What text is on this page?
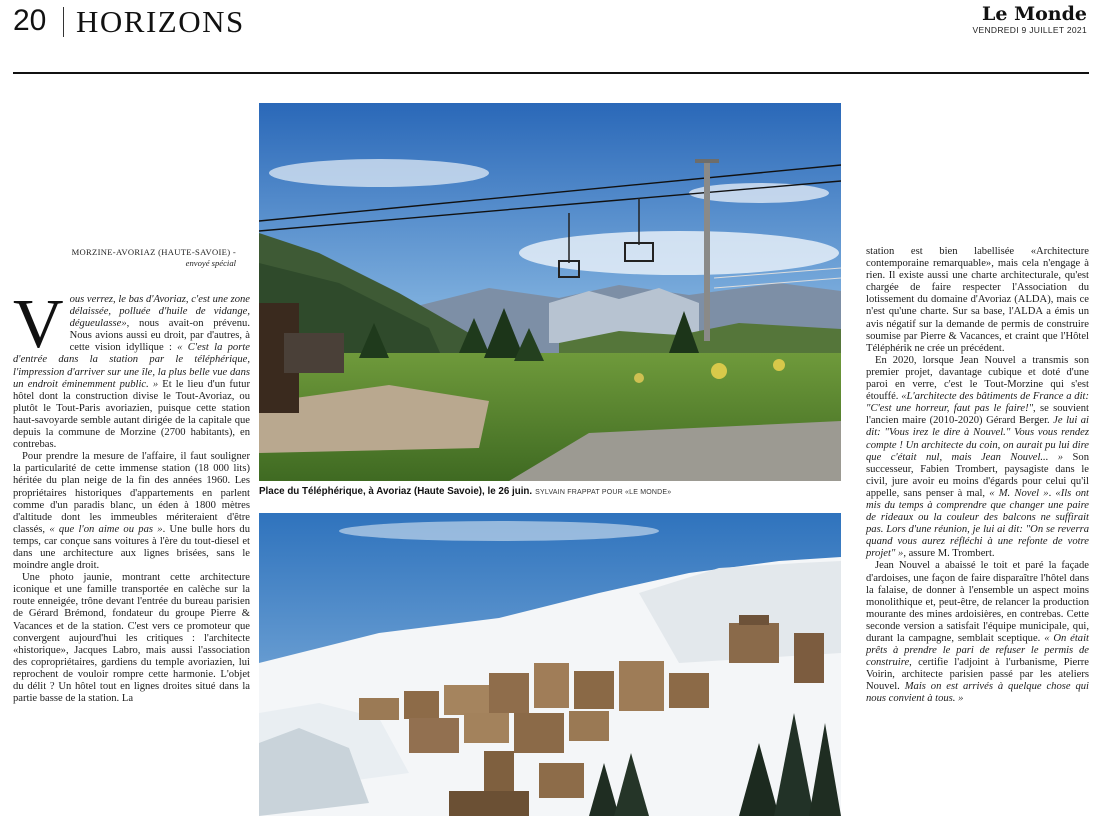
20 HORIZONS	Le Monde
VENDREDI 9 JUILLET 2021
MORZINE-AVORIAZ (HAUTE-SAVOIE) -
envoyé spécial

Vous verrez, le bas d'Avoriaz, c'est une zone délaissée, polluée d'huile de vidange, dégueulasse», nous avait-on prévenu. Nous avions aussi eu droit, par d'autres, à cette vision idyllique : « C'est la porte d'entrée dans la station par le téléphérique, l'impression d'arriver sur une île, la plus belle vue dans un endroit éminemment public. » Et le lieu d'un futur hôtel dont la construction divise le Tout-Avoriaz, ou plutôt le Tout-Paris avoriazien, puisque cette station haut-savoyarde semble autant dirigée de la capitale que depuis la commune de Morzine (2700 habitants), en contrebas.

Pour prendre la mesure de l'affaire, il faut souligner la particularité de cette immense station (18 000 lits) héritée du plan neige de la fin des années 1960. Les propriétaires historiques d'appartements en parlent comme d'un paradis blanc, un éden à 1800 mètres d'altitude dont les immeubles mériteraient d'être classés, « que l'on aime ou pas ». Une bulle hors du temps, car conçue sans voitures à l'ère du tout-diesel et dans une architecture aux lignes brisées, sans le moindre angle droit.

Une photo jaunie, montrant cette architecture iconique et une famille transportée en calèche sur la route enneigée, trône devant l'entrée du bureau parisien de Gérard Brémond, fondateur du groupe Pierre & Vacances et de la station. C'est vers ce promoteur que convergent aujourd'hui les critiques : l'architecte «historique», Jacques Labro, mais aussi l'association des copropriétaires, gardiens du temple avoriazien, lui reprochent de vouloir rompre cette harmonie. L'objet du délit ? Un hôtel tout en lignes droites situé dans la partie basse de la station. La

Place du Téléphérique, à Avoriaz (Haute Savoie), le 26 juin. SYLVAIN FRAPPAT POUR «LE MONDE»

station est bien labellisée «Architecture contemporaine remarquable», mais cela n'engage à rien. Il existe aussi une charte architecturale, qu'est chargée de faire respecter l'Association du lotissement du domaine d'Avoriaz (ALDA), mais ce n'est qu'une charte. Sur sa base, l'ALDA a émis un avis négatif sur la demande de permis de construire soumise par Pierre & Vacances, et craint que l'Hôtel Téléphérik ne crée un précédent.

En 2020, lorsque Jean Nouvel a transmis son premier projet, davantage cubique et doté d'une paroi en verre, c'est le Tout-Morzine qui s'est étouffé. «L'architecte des bâtiments de France a dit: "C'est une horreur, faut pas le faire!", se souvient l'ancien maire (2010-2020) Gérard Berger. Je lui ai dit: "Vous irez le dire à Nouvel." Vous vous rendez compte ! Un architecte du coin, on aurait pu lui dire que c'était nul, mais Jean Nouvel... » Son successeur, Fabien Trombert, paysagiste dans le civil, jure avoir eu moins d'égards pour celui qu'il appelle, sans penser à mal, « M. Novel ». «Ils ont mis du temps à comprendre que changer une paire de rideaux ou la couleur des balcons ne suffirait pas. Lors d'une réunion, je lui ai dit: "On se reverra quand vous aurez réfléchi à une refonte de votre projet" », assure M. Trombert.

Jean Nouvel a abaissé le toit et paré la façade d'ardoises, une façon de faire disparaître l'hôtel dans la falaise, de donner à l'ensemble un aspect moins monolithique et, peut-être, de relancer la production mourante des mines ardoisières, en contrebas. Cette seconde version a satisfait l'équipe municipale, qui, durant la campagne, semblait sceptique. « On était prêts à prendre le pari de refuser le permis de construire, certifie l'adjoint à l'urbanisme, Pierre Voirin, architecte parisien passé par les ateliers Nouvel. Mais on est arrivés à quelque chose qui nous convient à tous. »
